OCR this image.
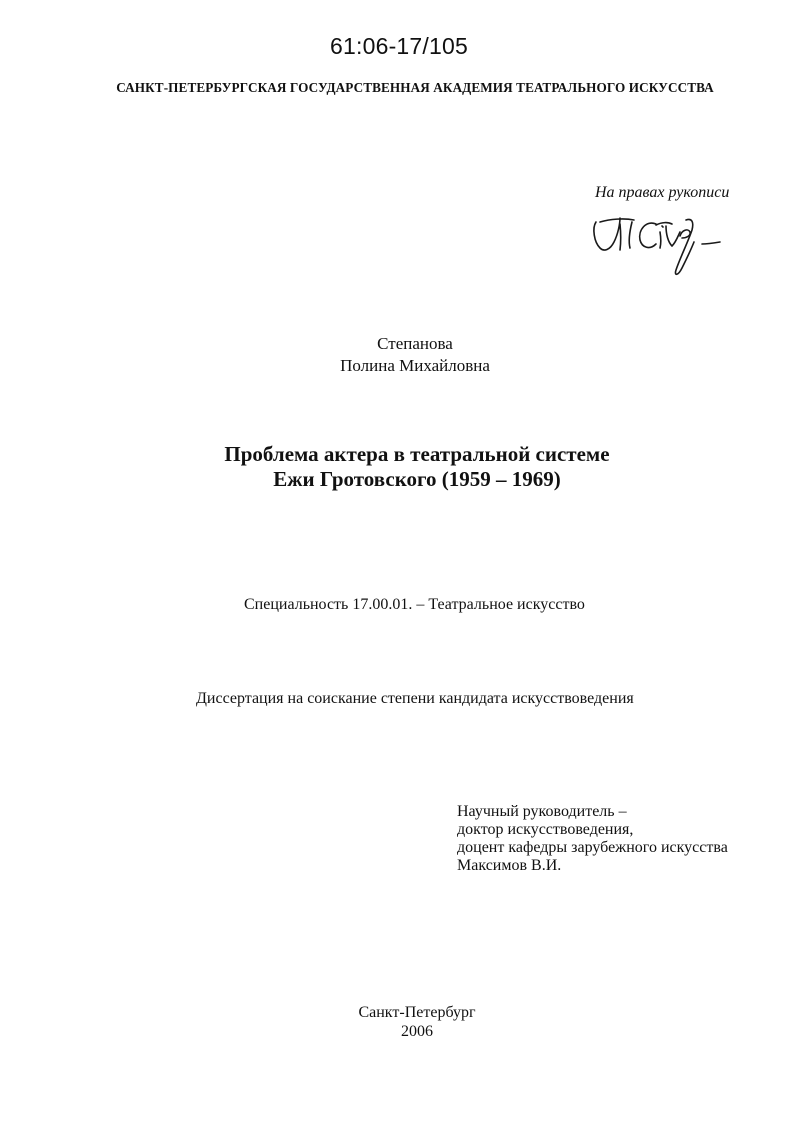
61:06-17/105
САНКТ-ПЕТЕРБУРГСКАЯ ГОСУДАРСТВЕННАЯ АКАДЕМИЯ ТЕАТРАЛЬНОГО ИСКУССТВА
На правах рукописи
Степанова
Полина Михайловна
Проблема актера в театральной системе
Ежи Гротовского (1959 – 1969)
Специальность 17.00.01. – Театральное искусство
Диссертация на соискание степени кандидата искусствоведения
Научный руководитель –
доктор искусствоведения,
доцент кафедры зарубежного искусства
Максимов В.И.
Санкт-Петербург
2006
